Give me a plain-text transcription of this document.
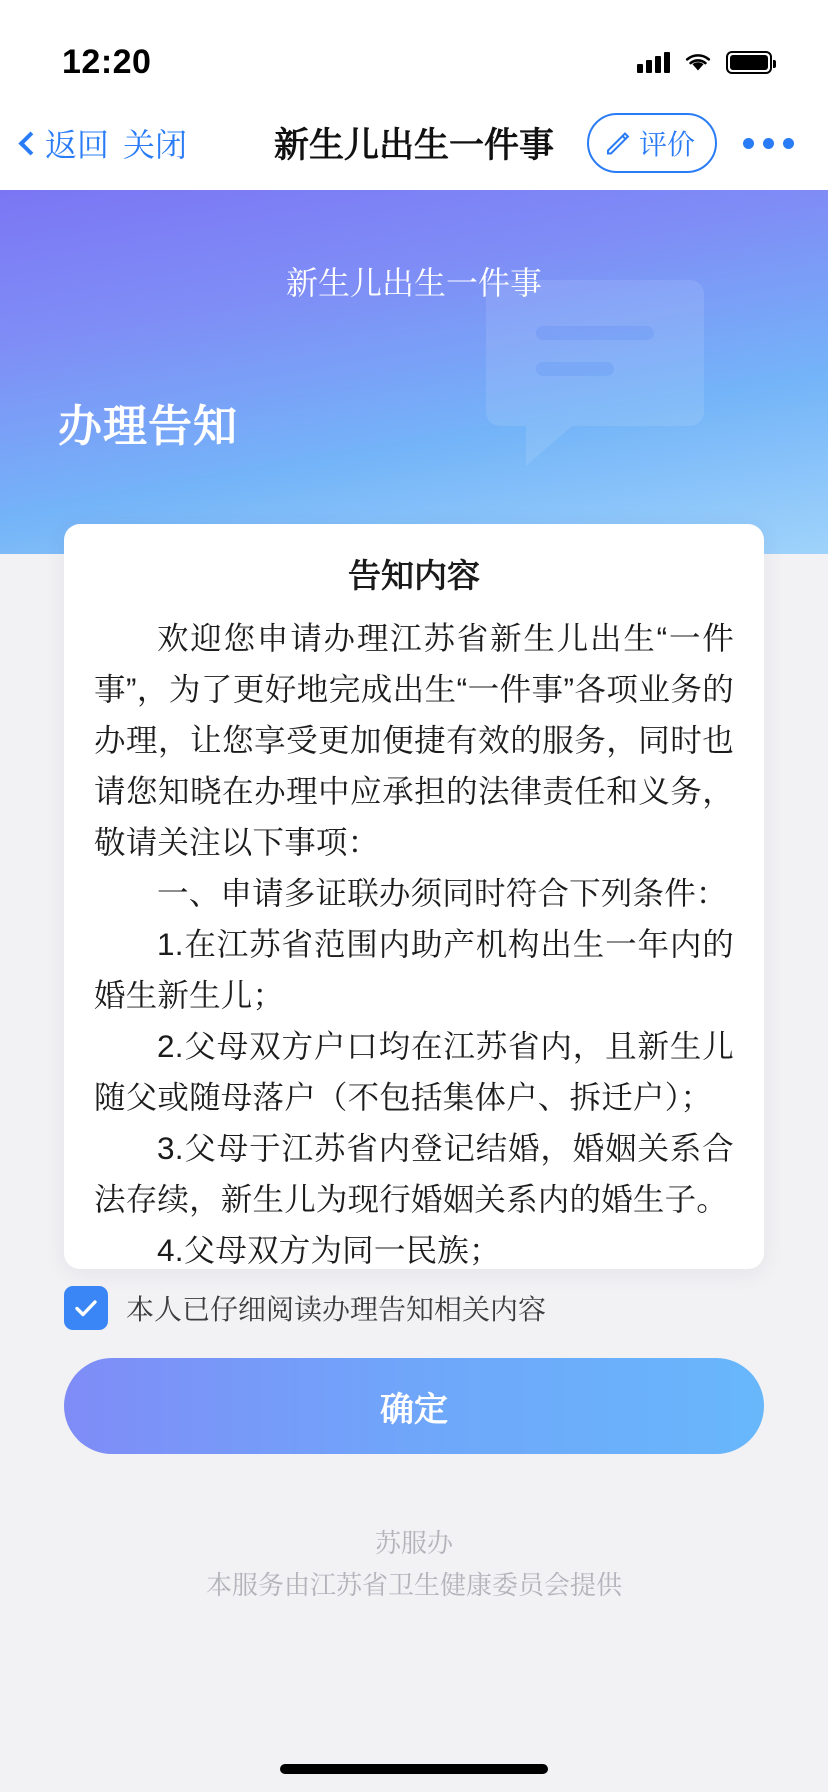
12:20
返回 关闭	新生儿出生一件事	评价
新生儿出生一件事
办理告知
告知内容

欢迎您申请办理江苏省新生儿出生“一件事”，为了更好地完成出生“一件事”各项业务的办理，让您享受更加便捷有效的服务，同时也请您知晓在办理中应承担的法律责任和义务，敬请关注以下事项：

一、申请多证联办须同时符合下列条件：

1.在江苏省范围内助产机构出生一年内的婚生新生儿；

2.父母双方户口均在江苏省内，且新生儿随父或随母落户（不包括集体户、拆迁户）；

3.父母于江苏省内登记结婚，婚姻关系合法存续，新生儿为现行婚姻关系内的婚生子。

4.父母双方为同一民族；

本人已仔细阅读办理告知相关内容
确定
苏服办
本服务由江苏省卫生健康委员会提供
